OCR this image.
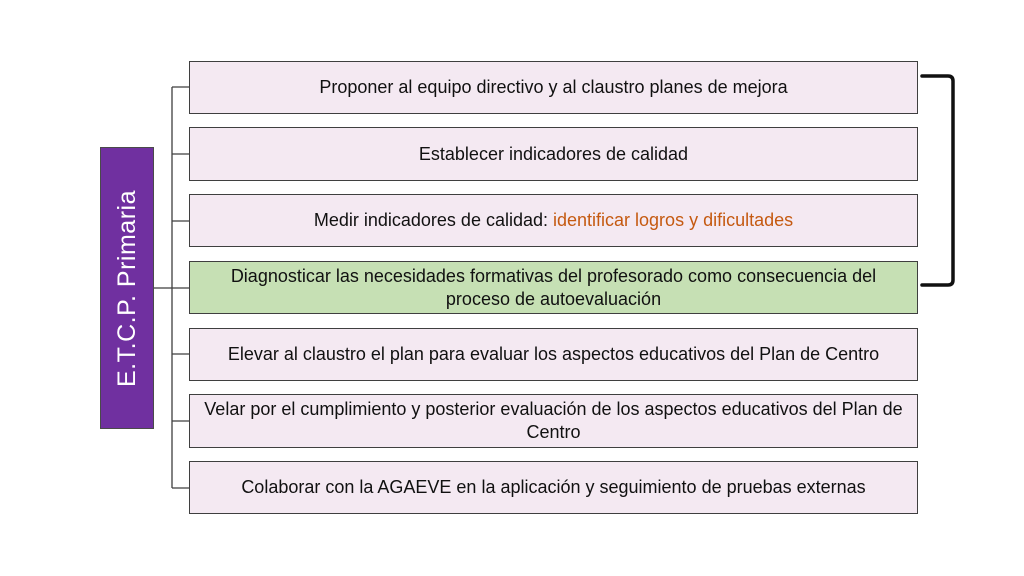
E.T.C.P. Primaria
Proponer al equipo directivo y al claustro planes de mejora
Establecer indicadores de calidad
Medir indicadores de calidad: identificar logros y dificultades
Diagnosticar las necesidades formativas del profesorado como consecuencia del proceso de autoevaluación
Elevar al claustro el plan para evaluar los aspectos educativos del Plan de Centro
Velar por el cumplimiento y posterior evaluación de los aspectos educativos del Plan de Centro
Colaborar con la AGAEVE en la aplicación y seguimiento de pruebas externas
